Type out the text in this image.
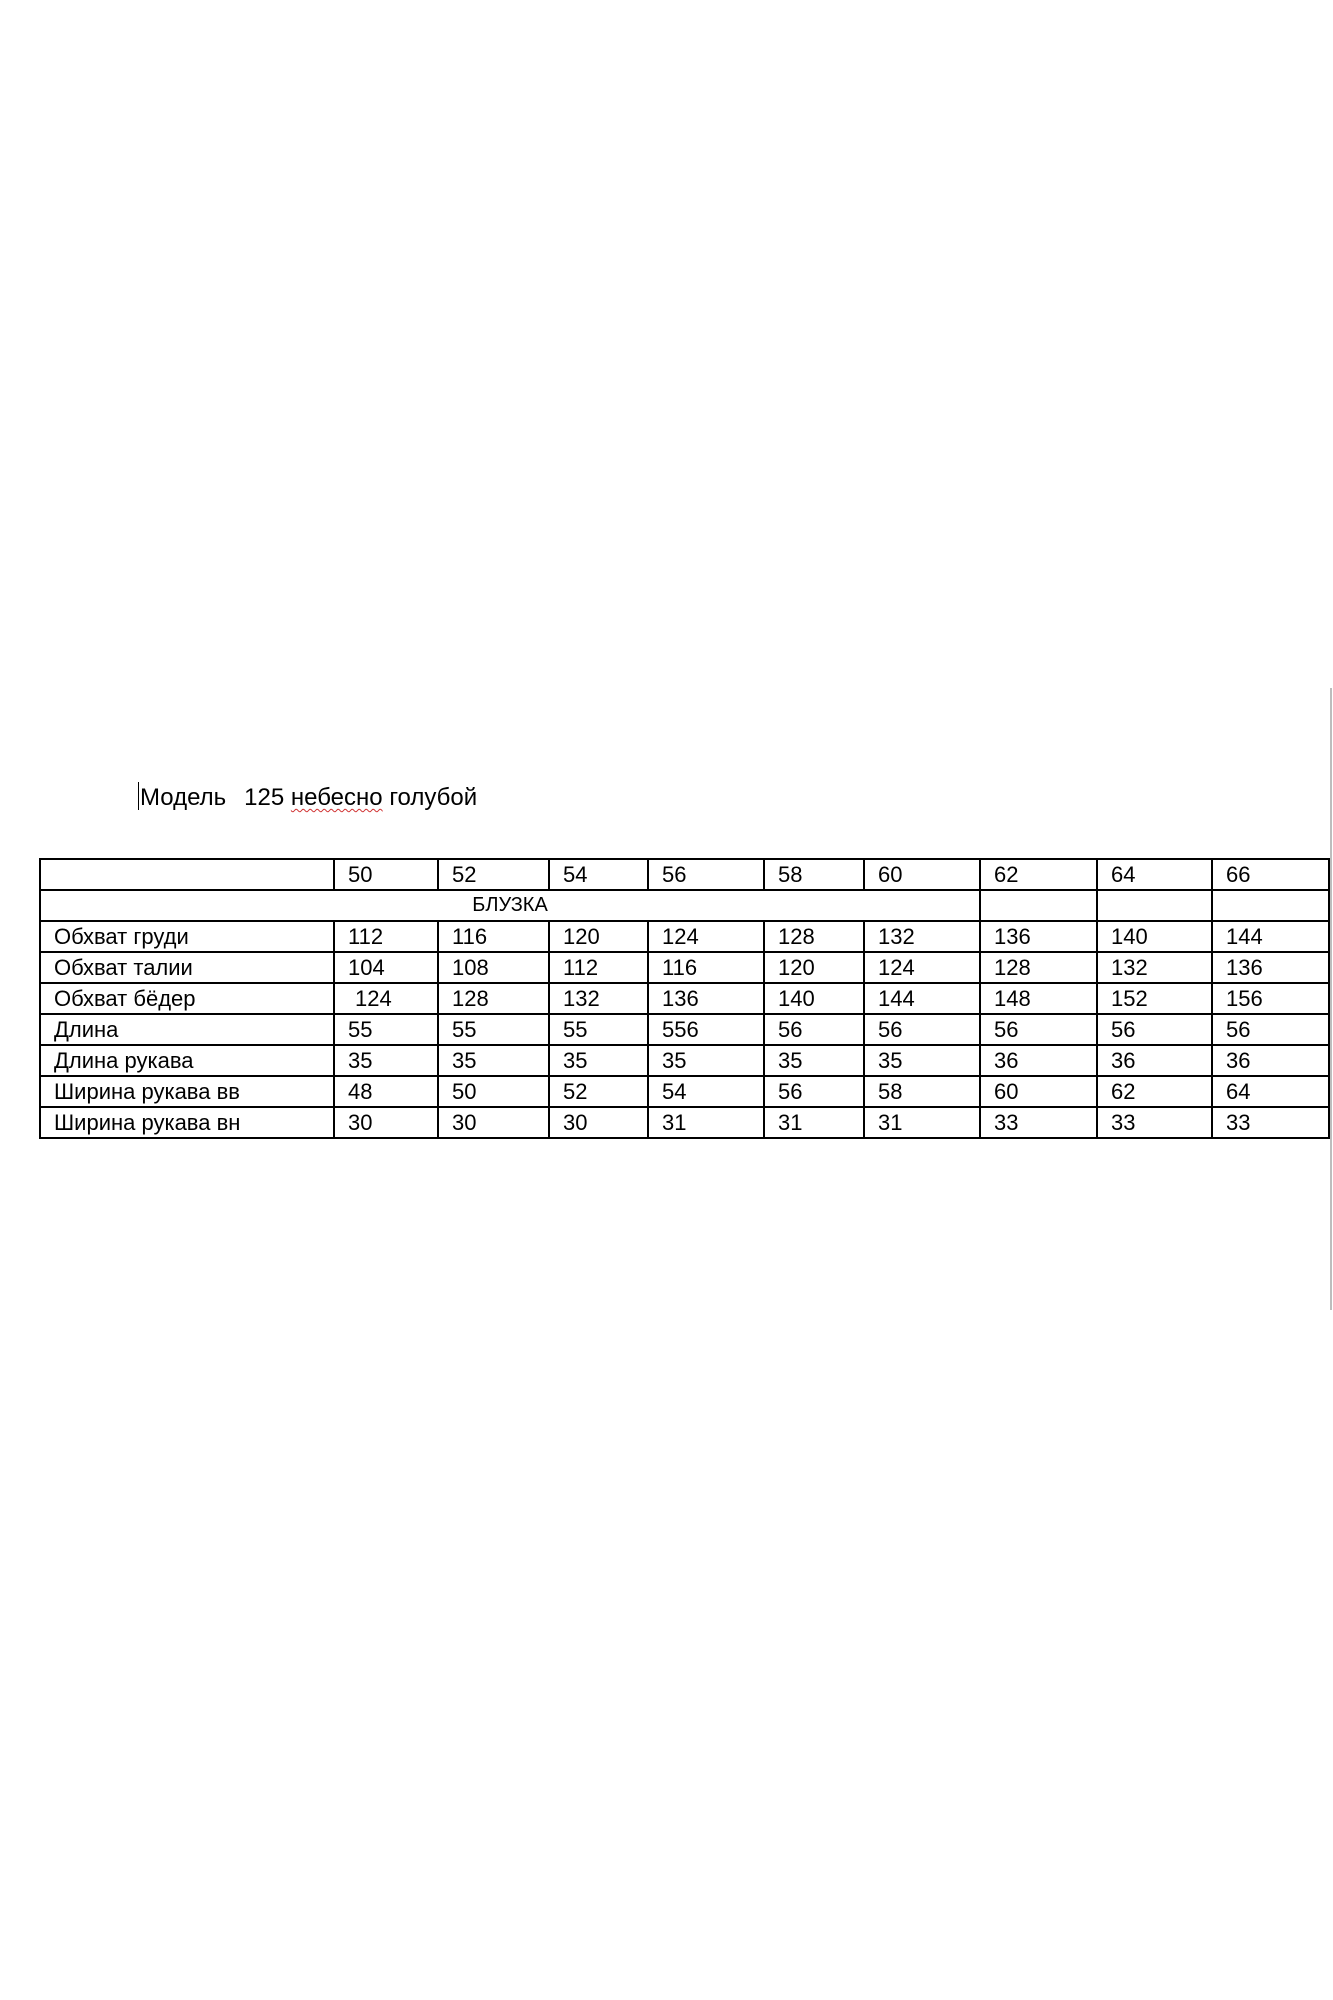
Модель 125 небесно голубой
	50	52	54	56	58	60	62	64	66
БЛУЗКА									
Обхват груди	112	116	120	124	128	132	136	140	144
Обхват талии	104	108	112	116	120	124	128	132	136
Обхват бёдер	124	128	132	136	140	144	148	152	156
Длина	55	55	55	556	56	56	56	56	56
Длина рукава	35	35	35	35	35	35	36	36	36
Ширина рукава вв	48	50	52	54	56	58	60	62	64
Ширина рукава вн	30	30	30	31	31	31	33	33	33
